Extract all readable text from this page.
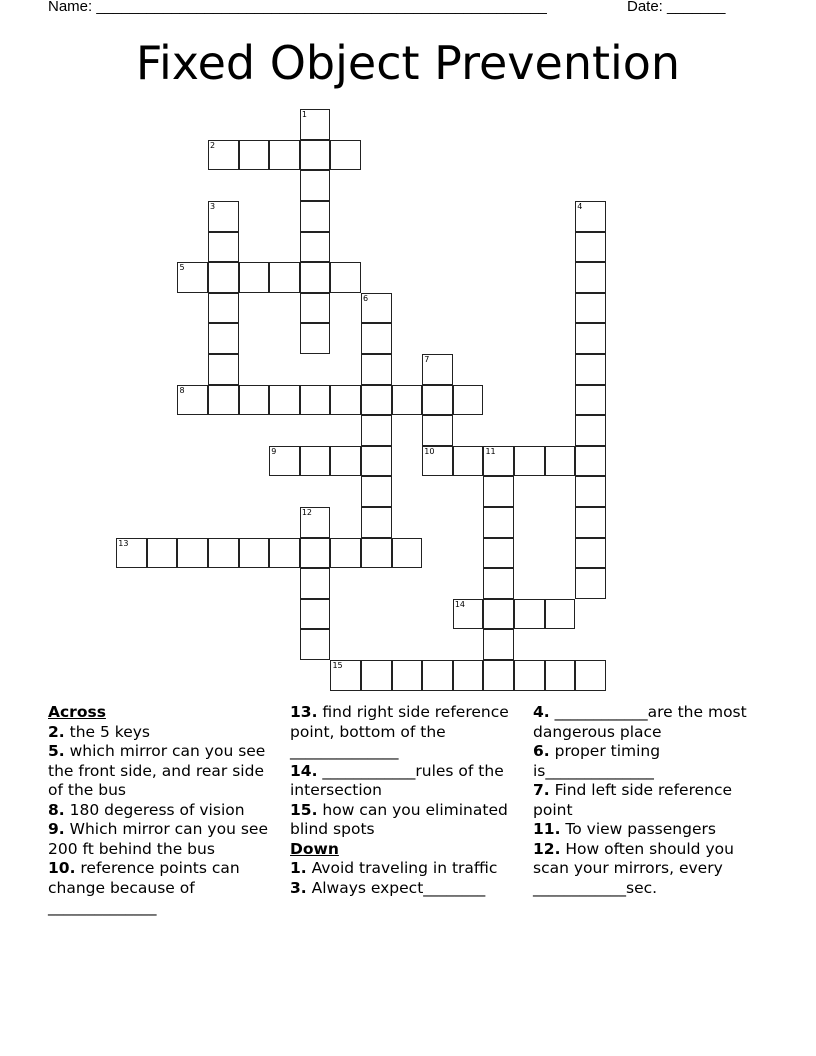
Name: ______________________________________________________	Date: _______
Fixed Object Prevention
1
2
3	4
5
6
7
10
8
9	11
12
13
14
15
Across
2. the 5 keys
5. which mirror can you see the front side, and rear side of the bus
8. 180 degeress of vision
9. Which mirror can you see 200 ft behind the bus
10. reference points can change because of ______________
13. find right side reference point, bottom of the ______________
14. ____________rules of the intersection
15. how can you eliminated blind spots
Down
1. Avoid traveling in traffic
3. Always expect________
4. ____________are the most dangerous place
6. proper timing is______________
7. Find left side reference point
11. To view passengers
12. How often should you scan your mirrors, every ____________sec.
